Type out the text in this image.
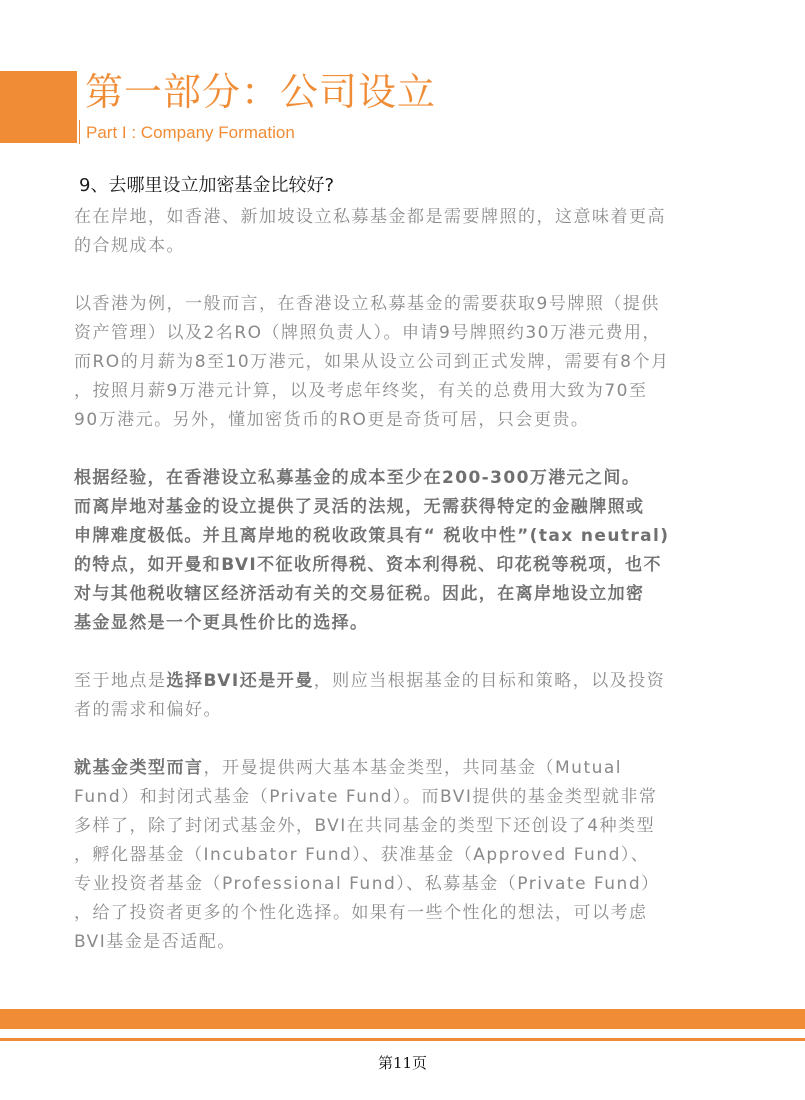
第一部分：公司设立
Part I : Company Formation
9、去哪里设立加密基金比较好?

在在岸地，如香港、新加坡设立私募基金都是需要牌照的，这意味着更高
的合规成本。

以香港为例，一般而言，在香港设立私募基金的需要获取9号牌照（提供
资产管理）以及2名RO（牌照负责人）。申请9号牌照约30万港元费用，
而RO的月薪为8至10万港元，如果从设立公司到正式发牌，需要有8个月
，按照月薪9万港元计算，以及考虑年终奖，有关的总费用大致为70至
90万港元。另外，懂加密货币的RO更是奇货可居，只会更贵。

根据经验，在香港设立私募基金的成本至少在200-300万港元之间。
而离岸地对基金的设立提供了灵活的法规，无需获得特定的金融牌照或
申牌难度极低。并且离岸地的税收政策具有“ 税收中性”(tax neutral)
的特点，如开曼和BVI不征收所得税、资本利得税、印花税等税项，也不
对与其他税收辖区经济活动有关的交易征税。因此，在离岸地设立加密
基金显然是一个更具性价比的选择。

至于地点是选择BVI还是开曼，则应当根据基金的目标和策略，以及投资
者的需求和偏好。

就基金类型而言，开曼提供两大基本基金类型，共同基金（Mutual
Fund）和封闭式基金（Private Fund）。而BVI提供的基金类型就非常
多样了，除了封闭式基金外，BVI在共同基金的类型下还创设了4种类型
，孵化器基金（Incubator Fund）、获准基金（Approved Fund）、
专业投资者基金（Professional Fund）、私募基金（Private Fund）
，给了投资者更多的个性化选择。如果有一些个性化的想法，可以考虑
BVI基金是否适配。

第11页
